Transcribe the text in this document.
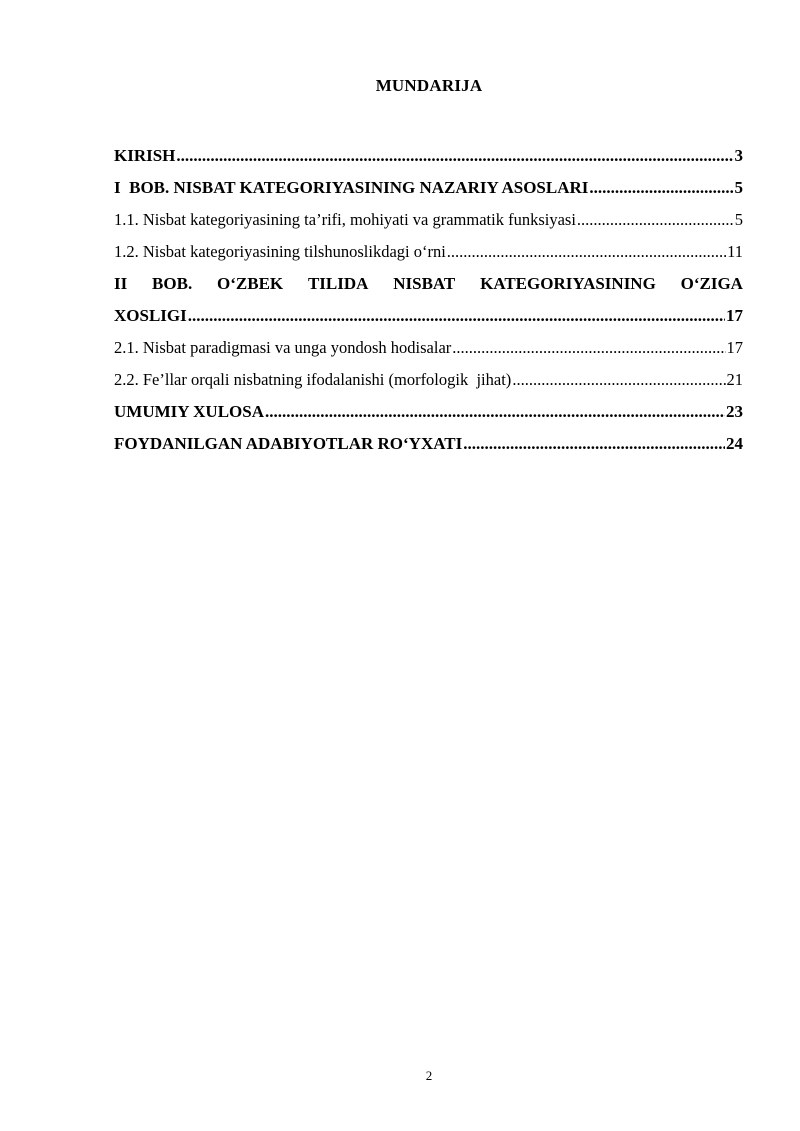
MUNDARIJA
KIRISH .....	3
I  BOB. NISBAT KATEGORIYASINING NAZARIY ASOSLARI .....	5
1.1. Nisbat kategoriyasining ta’rifi, mohiyati va grammatik funksiyasi .....	5
1.2. Nisbat kategoriyasining tilshunoslikdagi o‘rni .....	11
II BOB. O‘ZBEK TILIDA NISBAT KATEGORIYASINING O‘ZIGA
XOSLIGI .....	17
2.1. Nisbat paradigmasi va unga yondosh hodisalar .....	17
2.2. Fe’llar orqali nisbatning ifodalanishi (morfologik  jihat) .....	21
UMUMIY XULOSA .....	23
FOYDANILGAN ADABIYOTLAR RO‘YXATI .....	24
2
